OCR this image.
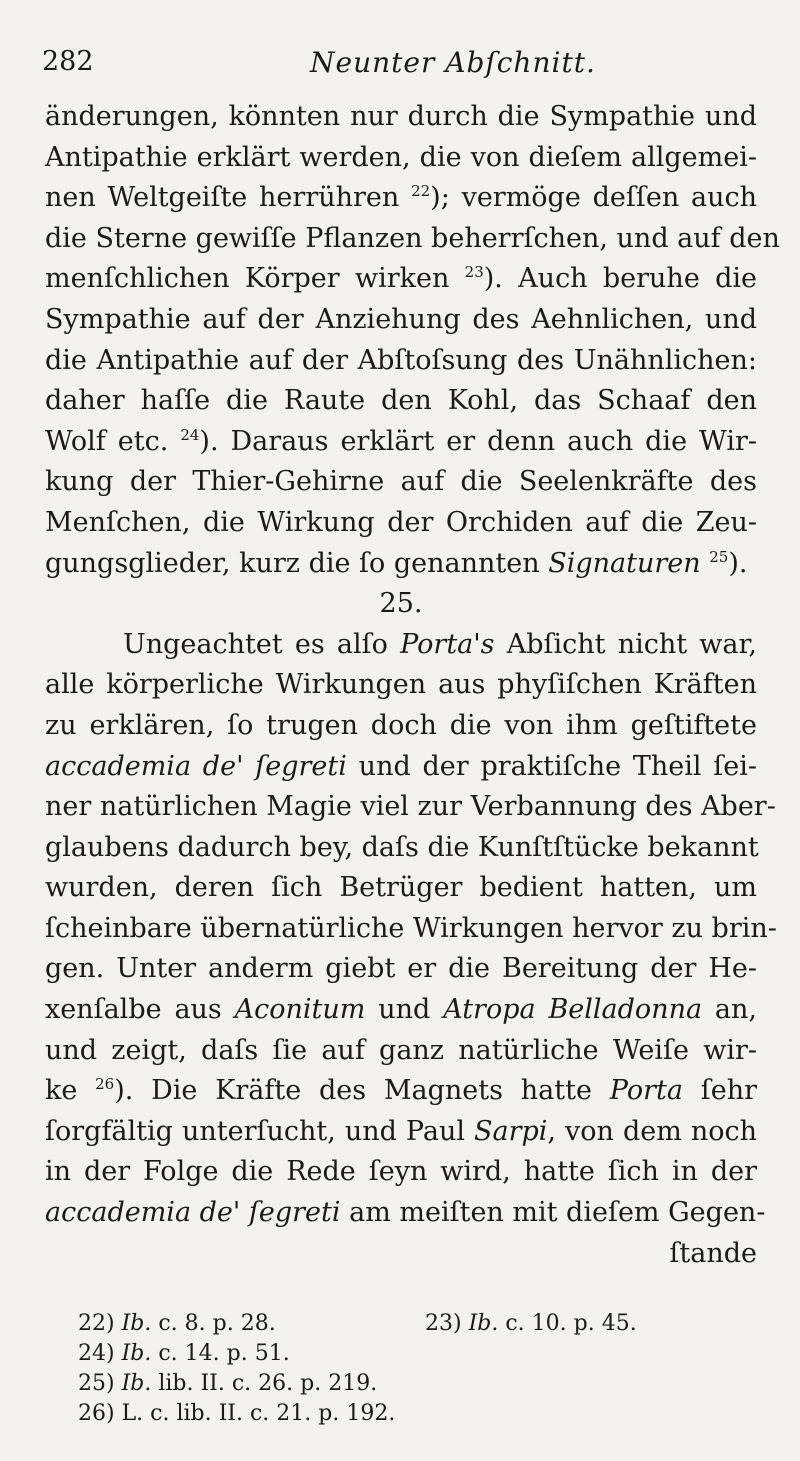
282	Neunter Abſchnitt.
änderungen, könnten nur durch die Sympathie und
Antipathie erklärt werden, die von dieſem allgemei-
nen Weltgeiſte herrühren $^{22}$); vermöge deſſen auch
die Sterne gewiſſe Pflanzen beherrſchen, und auf den
menſchlichen Körper wirken $^{23}$). Auch beruhe die
Sympathie auf der Anziehung des Aehnlichen, und
die Antipathie auf der Abſtoſsung des Unähnlichen:
daher haſſe die Raute den Kohl, das Schaaf den
Wolf etc. $^{24}$). Daraus erklärt er denn auch die Wir-
kung der Thier-Gehirne auf die Seelenkräfte des
Menſchen, die Wirkung der Orchiden auf die Zeu-
gungsglieder, kurz die ſo genannten Signaturen $^{25}$).
25.
Ungeachtet es alſo Porta's Abſicht nicht war,
alle körperliche Wirkungen aus phyſiſchen Kräften
zu erklären, ſo trugen doch die von ihm geſtiftete
accademia de' ſegreti und der praktiſche Theil ſei-
ner natürlichen Magie viel zur Verbannung des Aber-
glaubens dadurch bey, daſs die Kunſtſtücke bekannt
wurden, deren ſich Betrüger bedient hatten, um
ſcheinbare übernatürliche Wirkungen hervor zu brin-
gen. Unter anderm giebt er die Bereitung der He-
xenſalbe aus Aconitum und Atropa Belladonna an,
und zeigt, daſs ſie auf ganz natürliche Weiſe wir-
ke $^{26}$). Die Kräfte des Magnets hatte Porta ſehr
ſorgfältig unterſucht, und Paul Sarpi, von dem noch
in der Folge die Rede ſeyn wird, hatte ſich in der
accademia de' ſegreti am meiſten mit dieſem Gegen-
ſtande
22) Ib. c. 8. p. 28.	23) Ib. c. 10. p. 45.
24) Ib. c. 14. p. 51.
25) Ib. lib. II. c. 26. p. 219.
26) L. c. lib. II. c. 21. p. 192.
